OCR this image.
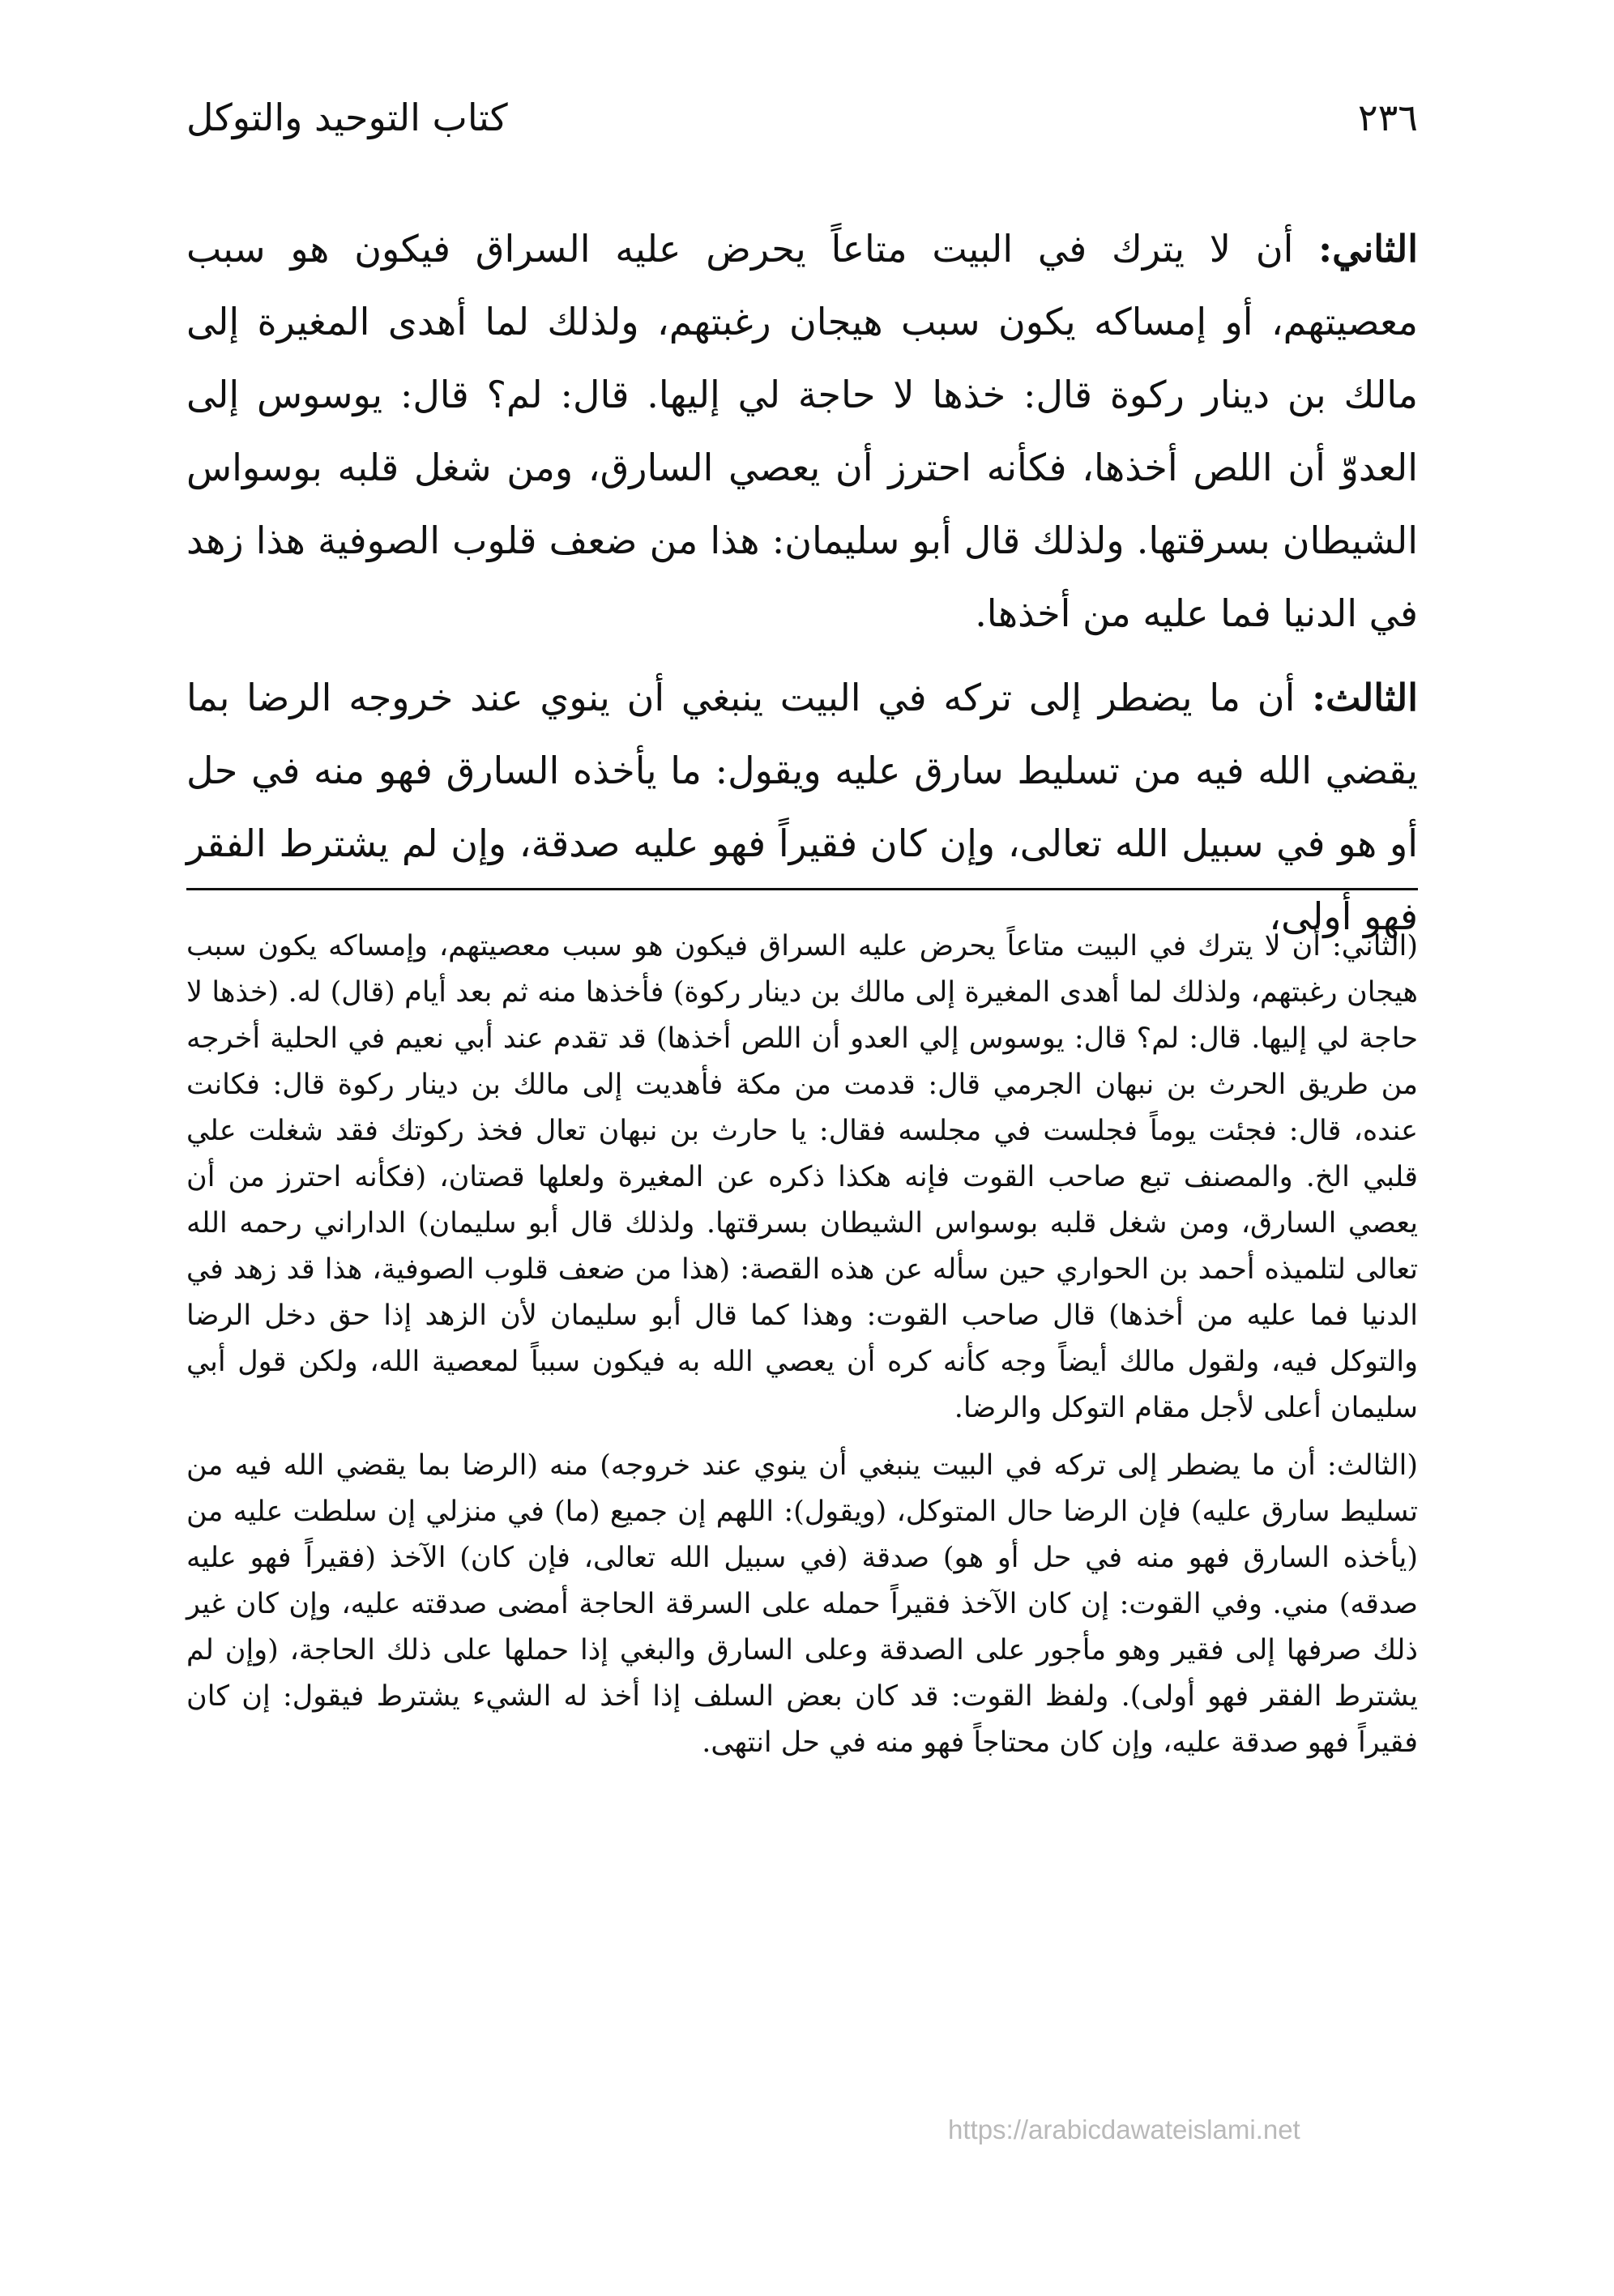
٢٣٦
كتاب التوحيد والتوكل

الثاني: أن لا يترك في البيت متاعاً يحرض عليه السراق فيكون هو سبب معصيتهم، أو إمساكه يكون سبب هيجان رغبتهم، ولذلك لما أهدى المغيرة إلى مالك بن دينار ركوة قال: خذها لا حاجة لي إليها. قال: لم؟ قال: يوسوس إلى العدوّ أن اللص أخذها، فكأنه احترز أن يعصي السارق، ومن شغل قلبه بوسواس الشيطان بسرقتها. ولذلك قال أبو سليمان: هذا من ضعف قلوب الصوفية هذا زهد في الدنيا فما عليه من أخذها.

الثالث: أن ما يضطر إلى تركه في البيت ينبغي أن ينوي عند خروجه الرضا بما يقضي الله فيه من تسليط سارق عليه ويقول: ما يأخذه السارق فهو منه في حل أو هو في سبيل الله تعالى، وإن كان فقيراً فهو عليه صدقة، وإن لم يشترط الفقر فهو أولى،

(الثاني: أن لا يترك في البيت متاعاً يحرض عليه السراق فيكون هو سبب معصيتهم، وإمساكه يكون سبب هيجان رغبتهم، ولذلك لما أهدى المغيرة إلى مالك بن دينار ركوة) فأخذها منه ثم بعد أيام (قال) له. (خذها لا حاجة لي إليها. قال: لم؟ قال: يوسوس إلي العدو أن اللص أخذها) قد تقدم عند أبي نعيم في الحلية أخرجه من طريق الحرث بن نبهان الجرمي قال: قدمت من مكة فأهديت إلى مالك بن دينار ركوة قال: فكانت عنده، قال: فجئت يوماً فجلست في مجلسه فقال: يا حارث بن نبهان تعال فخذ ركوتك فقد شغلت علي قلبي الخ. والمصنف تبع صاحب القوت فإنه هكذا ذكره عن المغيرة ولعلها قصتان، (فكأنه احترز من أن يعصي السارق، ومن شغل قلبه بوسواس الشيطان بسرقتها. ولذلك قال أبو سليمان) الداراني رحمه الله تعالى لتلميذه أحمد بن الحواري حين سأله عن هذه القصة: (هذا من ضعف قلوب الصوفية، هذا قد زهد في الدنيا فما عليه من أخذها) قال صاحب القوت: وهذا كما قال أبو سليمان لأن الزهد إذا حق دخل الرضا والتوكل فيه، ولقول مالك أيضاً وجه كأنه كره أن يعصي الله به فيكون سبباً لمعصية الله، ولكن قول أبي سليمان أعلى لأجل مقام التوكل والرضا.

(الثالث: أن ما يضطر إلى تركه في البيت ينبغي أن ينوي عند خروجه) منه (الرضا بما يقضي الله فيه من تسليط سارق عليه) فإن الرضا حال المتوكل، (ويقول): اللهم إن جميع (ما) في منزلي إن سلطت عليه من (يأخذه السارق فهو منه في حل أو هو) صدقة (في سبيل الله تعالى، فإن كان) الآخذ (فقيراً فهو عليه صدقه) مني. وفي القوت: إن كان الآخذ فقيراً حمله على السرقة الحاجة أمضى صدقته عليه، وإن كان غير ذلك صرفها إلى فقير وهو مأجور على الصدقة وعلى السارق والبغي إذا حملها على ذلك الحاجة، (وإن لم يشترط الفقر فهو أولى). ولفظ القوت: قد كان بعض السلف إذا أخذ له الشيء يشترط فيقول: إن كان فقيراً فهو صدقة عليه، وإن كان محتاجاً فهو منه في حل انتهى.

https://arabicdawateislami.net
